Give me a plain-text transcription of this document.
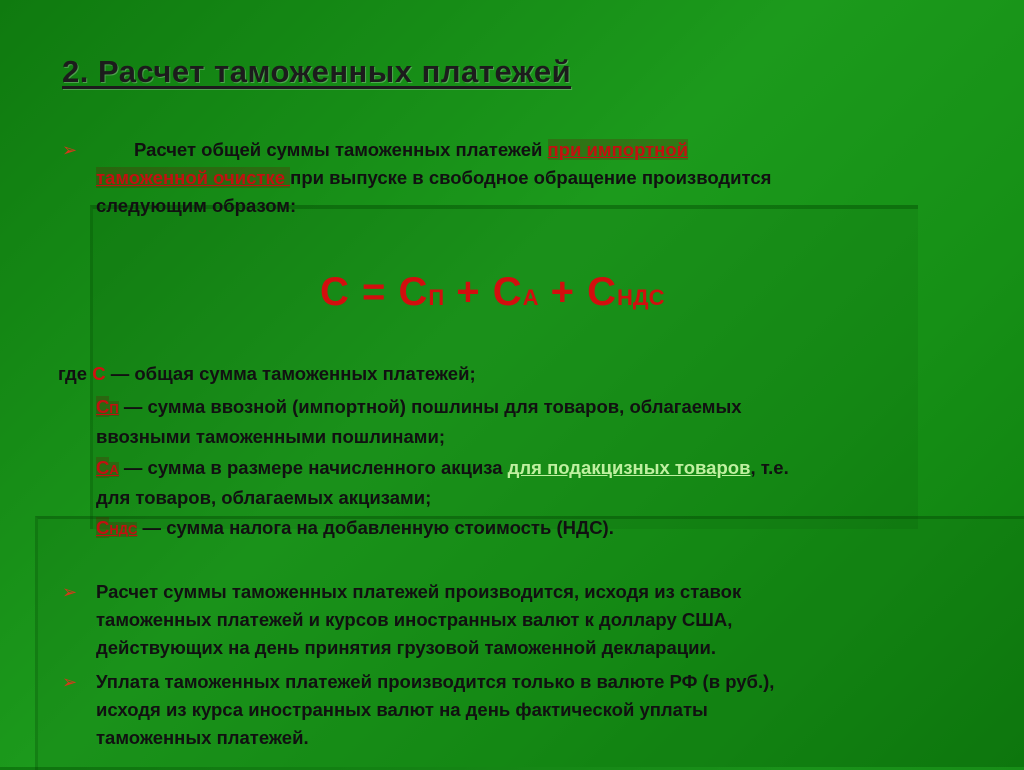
2. Расчет таможенных платежей
➢	Расчет общей суммы таможенных платежей при импортной
таможенной очистке при выпуске в свободное обращение производится
следующим образом:
С = СП + СА + СНДС
где С — общая сумма таможенных платежей;
СП — сумма ввозной (импортной) пошлины для товаров, облагаемых
ввозными таможенными пошлинами;
СА — сумма в размере начисленного акциза для подакцизных товаров, т.е.
для товаров, облагаемых акцизами;
СНДС — сумма налога на добавленную стоимость (НДС).
➢ Расчет суммы таможенных платежей производится, исходя из ставок
таможенных платежей и курсов иностранных валют к доллару США,
действующих на день принятия грузовой таможенной декларации.
➢ Уплата таможенных платежей производится только в валюте РФ (в руб.),
исходя из курса иностранных валют на день фактической уплаты
таможенных платежей.
